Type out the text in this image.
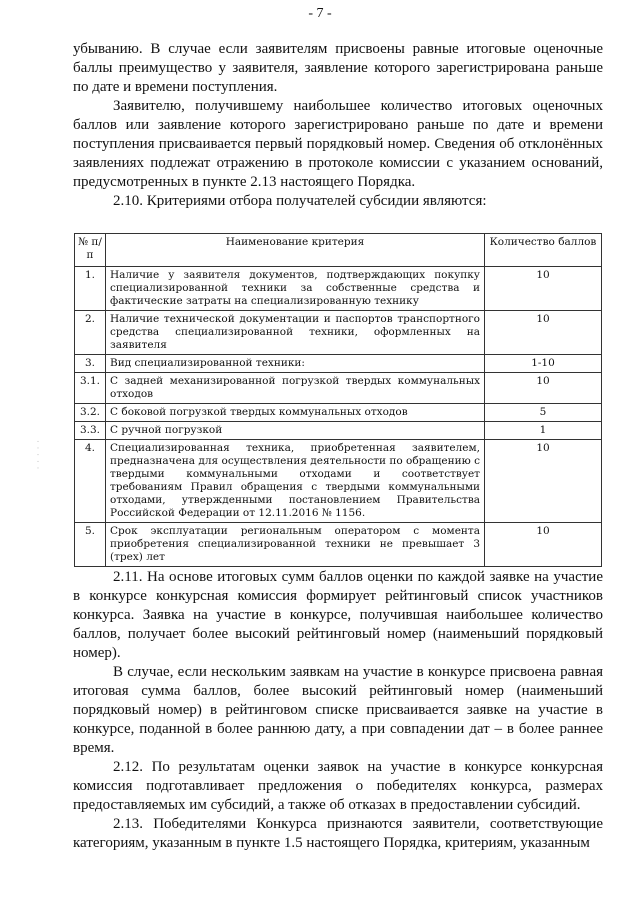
- 7 -

убыванию. В случае если заявителям присвоены равные итоговые оценочные баллы преимущество у заявителя, заявление которого зарегистрирована раньше по дате и времени поступления.

Заявителю, получившему наибольшее количество итоговых оценочных баллов или заявление которого зарегистрировано раньше по дате и времени поступления присваивается первый порядковый номер. Сведения об отклонённых заявлениях подлежат отражению в протоколе комиссии с указанием оснований, предусмотренных в пункте 2.13 настоящего Порядка.

2.10. Критериями отбора получателей субсидии являются:

№ п/п	Наименование критерия	Количество баллов
1.	Наличие у заявителя документов, подтверждающих покупку специализированной техники за собственные средства и фактические затраты на специализированную технику	10
2.	Наличие технической документации и паспортов транспортного средства специализированной техники, оформленных на заявителя	10
3.	Вид специализированной техники:	1-10
3.1.	С задней механизированной погрузкой твердых коммунальных отходов	10
3.2.	С боковой погрузкой твердых коммунальных отходов	5
3.3.	С ручной погрузкой	1
4.	Специализированная техника, приобретенная заявителем, предназначена для осуществления деятельности по обращению с твердыми коммунальными отходами и соответствует требованиям Правил обращения с твердыми коммунальными отходами, утвержденными постановлением Правительства Российской Федерации от 12.11.2016 № 1156.	10
5.	Срок эксплуатации региональным оператором с момента приобретения специализированной техники не превышает 3 (трех) лет	10
· · · · ·

2.11. На основе итоговых сумм баллов оценки по каждой заявке на участие в конкурсе конкурсная комиссия формирует рейтинговый список участников конкурса. Заявка на участие в конкурсе, получившая наибольшее количество баллов, получает более высокий рейтинговый номер (наименьший порядковый номер).

В случае, если нескольким заявкам на участие в конкурсе присвоена равная итоговая сумма баллов, более высокий рейтинговый номер (наименьший порядковый номер) в рейтинговом списке присваивается заявке на участие в конкурсе, поданной в более раннюю дату, а при совпадении дат – в более раннее время.

2.12. По результатам оценки заявок на участие в конкурсе конкурсная комиссия подготавливает предложения о победителях конкурса, размерах предоставляемых им субсидий, а также об отказах в предоставлении субсидий.

2.13. Победителями Конкурса признаются заявители, соответствующие категориям, указанным в пункте 1.5 настоящего Порядка, критериям, указанным
